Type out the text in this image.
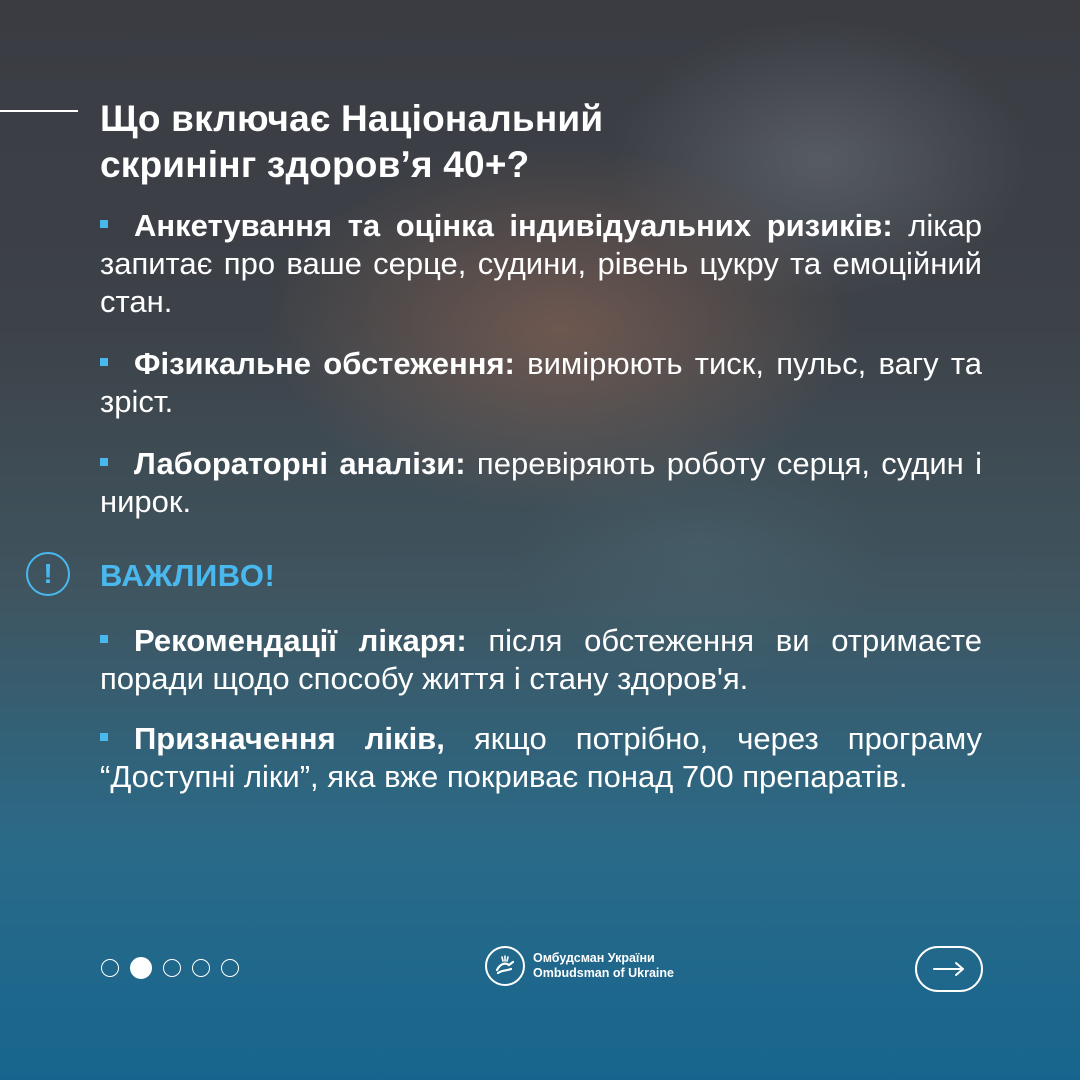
Що включає Національний
скринінг здоров’я 40+?
Анкетування та оцінка індивідуальних ризиків: лікар запитає про ваше серце, судини, рівень цукру та емоційний стан.
Фізикальне обстеження: вимірюють тиск, пульс, вагу та зріст.
Лабораторні аналізи: перевіряють роботу серця, судин і нирок.
!	ВАЖЛИВО!
Рекомендації лікаря: після обстеження ви отримаєте поради щодо способу життя і стану здоров'я.
Призначення ліків, якщо потрібно, через програму “Доступні ліки”, яка вже покриває понад 700 препаратів.
Омбудсман України
Ombudsman of Ukraine
